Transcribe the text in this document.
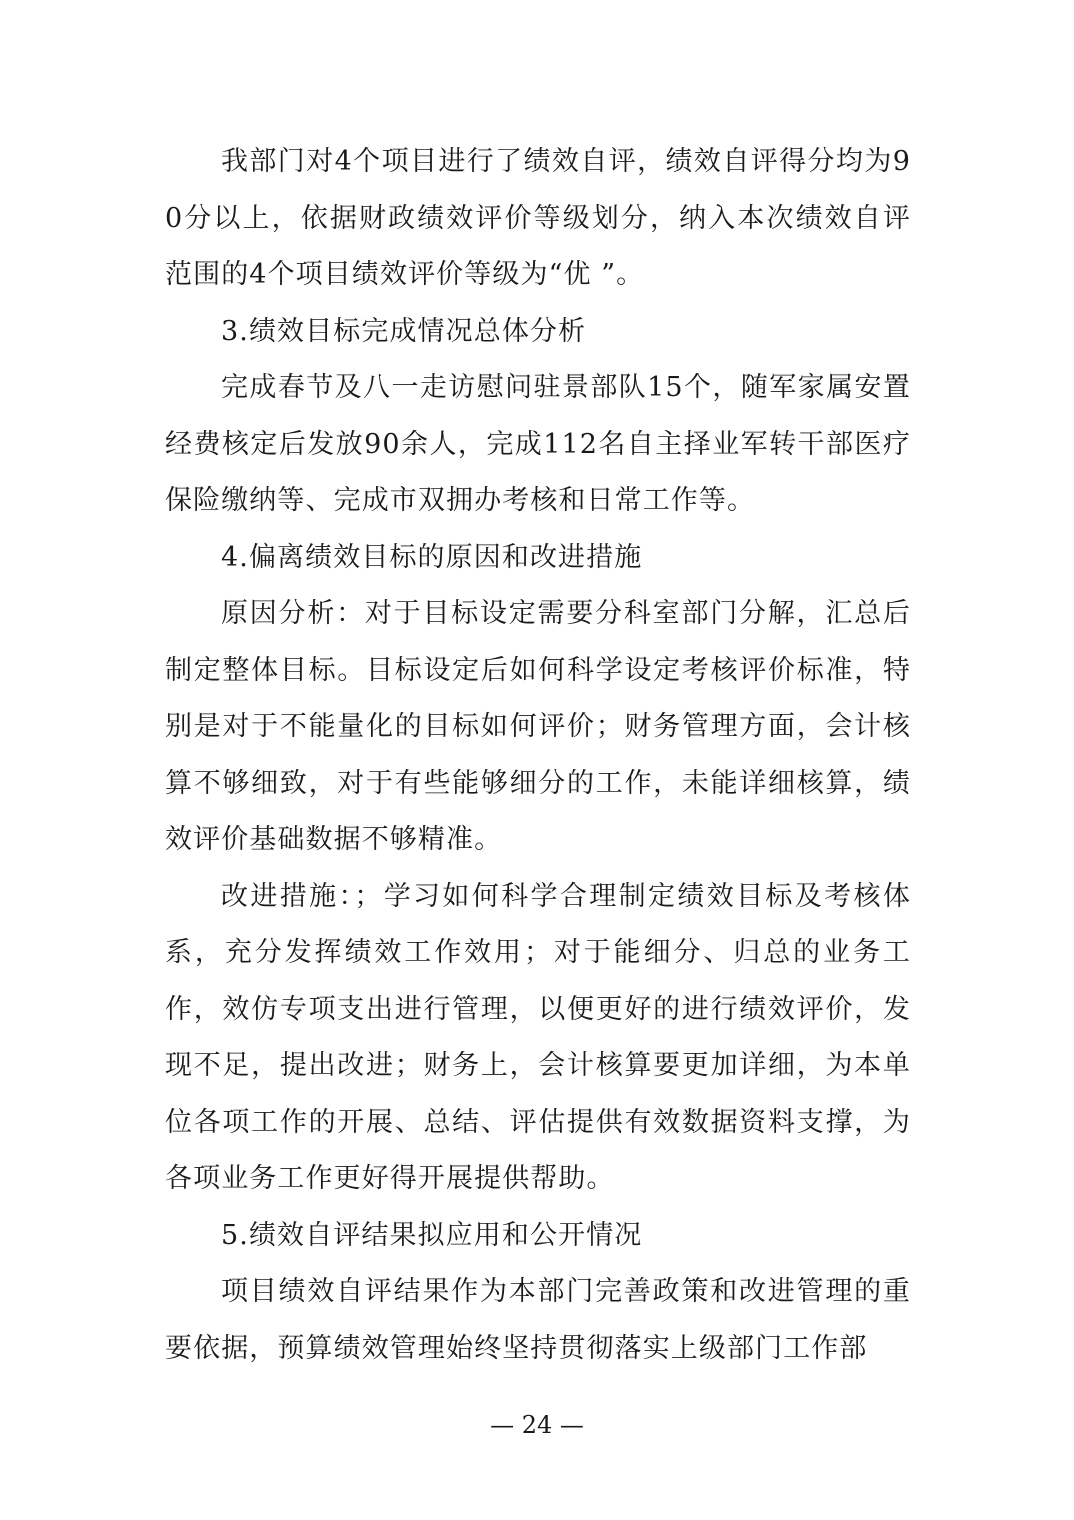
我部门对4个项目进行了绩效自评，绩效自评得分均为90分以上，依据财政绩效评价等级划分，纳入本次绩效自评范围的4个项目绩效评价等级为“优 ”。

3.绩效目标完成情况总体分析

完成春节及八一走访慰问驻景部队15个，随军家属安置经费核定后发放90余人，完成112名自主择业军转干部医疗保险缴纳等、完成市双拥办考核和日常工作等。

4.偏离绩效目标的原因和改进措施

原因分析：对于目标设定需要分科室部门分解，汇总后制定整体目标。目标设定后如何科学设定考核评价标准，特别是对于不能量化的目标如何评价；财务管理方面，会计核算不够细致，对于有些能够细分的工作，未能详细核算，绩效评价基础数据不够精准。

改进措施：；学习如何科学合理制定绩效目标及考核体系，充分发挥绩效工作效用；对于能细分、归总的业务工作，效仿专项支出进行管理，以便更好的进行绩效评价，发现不足，提出改进；财务上，会计核算要更加详细，为本单位各项工作的开展、总结、评估提供有效数据资料支撑，为各项业务工作更好得开展提供帮助。

5.绩效自评结果拟应用和公开情况

项目绩效自评结果作为本部门完善政策和改进管理的重要依据，预算绩效管理始终坚持贯彻落实上级部门工作部

— 24 —
